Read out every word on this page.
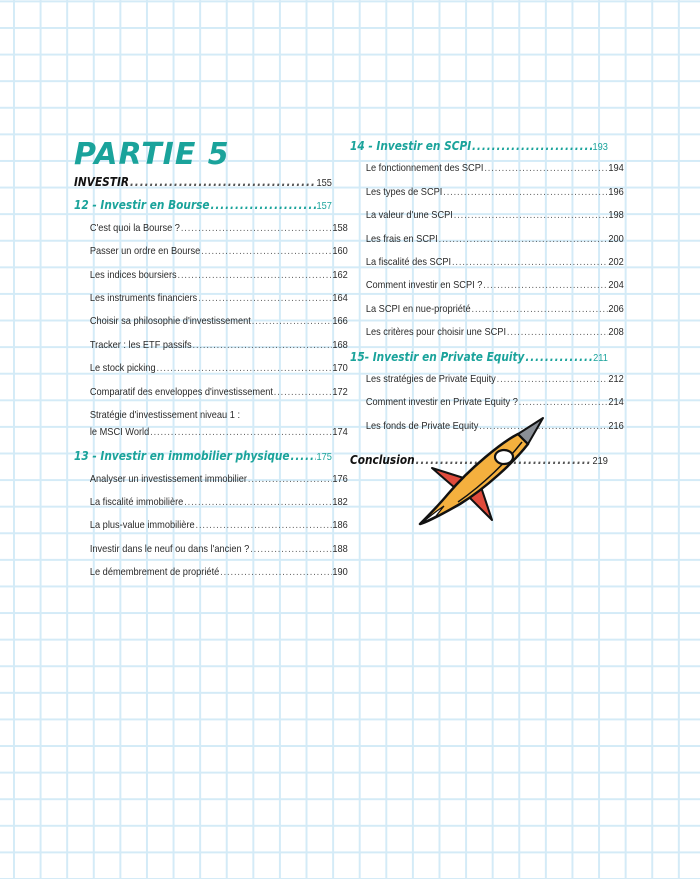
PARTIE 5
INVESTIR .....	155
12 - Investir en Bourse .....	157
C'est quoi la Bourse ? .....	158
Passer un ordre en Bourse .....	160
Les indices boursiers .....	162
Les instruments financiers .....	164
Choisir sa philosophie d'investissement .....	166
Tracker : les ETF passifs .....	168
Le stock picking .....	170
Comparatif des enveloppes d'investissement .....	172
Stratégie d'investissement niveau 1 :
le MSCI World .....	174
13 - Investir en immobilier physique .....	175
Analyser un investissement immobilier .....	176
La fiscalité immobilière .....	182
La plus-value immobilière .....	186
Investir dans le neuf ou dans l'ancien ? .....	188
Le démembrement de propriété .....	190
14 - Investir en SCPI .....	193
Le fonctionnement des SCPI .....	194
Les types de SCPI .....	196
La valeur d'une SCPI .....	198
Les frais en SCPI .....	200
La fiscalité des SCPI .....	202
Comment investir en SCPI ? .....	204
La SCPI en nue-propriété .....	206
Les critères pour choisir une SCPI .....	208
15- Investir en Private Equity .....	211
Les stratégies de Private Equity .....	212
Comment investir en Private Equity ? .....	214
Les fonds de Private Equity .....	216
Conclusion .....	219
